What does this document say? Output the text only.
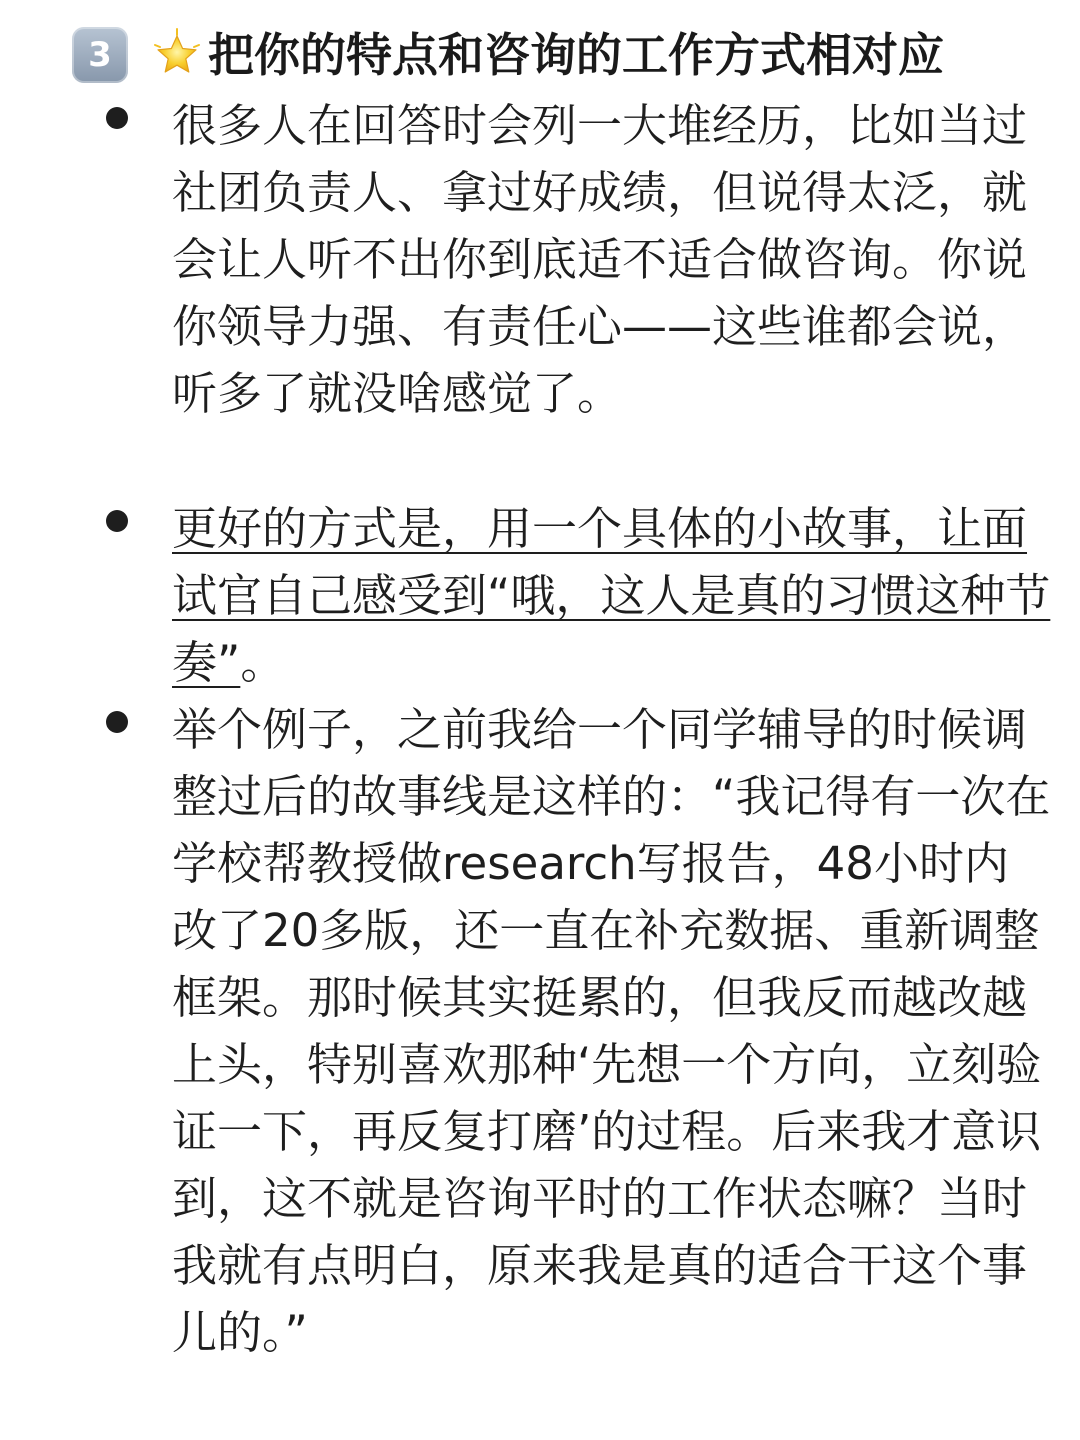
3 把你的特点和咨询的工作方式相对应

很多人在回答时会列一大堆经历，比如当过社团负责人、拿过好成绩，但说得太泛，就会让人听不出你到底适不适合做咨询。你说你领导力强、有责任心——这些谁都会说，听多了就没啥感觉了。

更好的方式是，用一个具体的小故事，让面试官自己感受到“哦，这人是真的习惯这种节奏”。

举个例子，之前我给一个同学辅导的时候调整过后的故事线是这样的：“我记得有一次在学校帮教授做research写报告，48小时内改了20多版，还一直在补充数据、重新调整框架。那时候其实挺累的，但我反而越改越上头，特别喜欢那种‘先想一个方向，立刻验证一下，再反复打磨’的过程。后来我才意识到，这不就是咨询平时的工作状态嘛？当时我就有点明白，原来我是真的适合干这个事儿的。”
